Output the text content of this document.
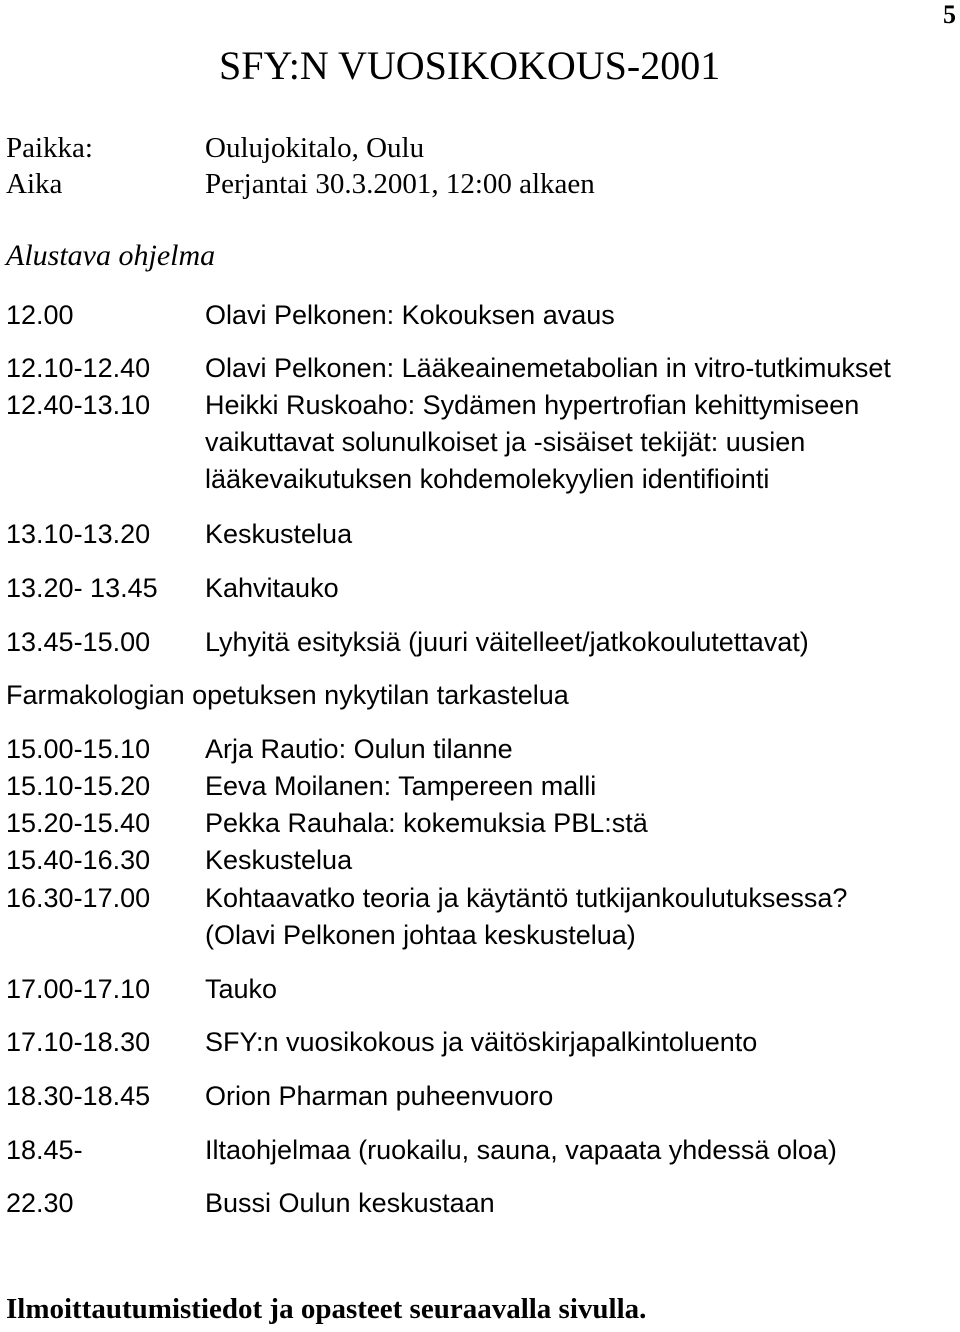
5
SFY:N VUOSIKOKOUS-2001
Paikka:	Oulujokitalo, Oulu
Aika	Perjantai 30.3.2001, 12:00 alkaen
Alustava ohjelma
12.00	Olavi Pelkonen: Kokouksen avaus
12.10-12.40 Olavi Pelkonen: Lääkeainemetabolian in vitro-tutkimukset
12.40-13.10 Heikki Ruskoaho: Sydämen hypertrofian kehittymiseen
vaikuttavat solunulkoiset ja -sisäiset tekijät: uusien
lääkevaikutuksen kohdemolekyylien identifiointi
13.10-13.20 Keskustelua
13.20- 13.45 Kahvitauko
13.45-15.00 Lyhyitä esityksiä (juuri väitelleet/jatkokoulutettavat)
Farmakologian opetuksen nykytilan tarkastelua
15.00-15.10 Arja Rautio: Oulun tilanne
15.10-15.20 Eeva Moilanen: Tampereen malli
15.20-15.40 Pekka Rauhala: kokemuksia PBL:stä
15.40-16.30 Keskustelua
16.30-17.00 Kohtaavatko teoria ja käytäntö tutkijankoulutuksessa?
(Olavi Pelkonen johtaa keskustelua)
17.00-17.10 Tauko
17.10-18.30 SFY:n vuosikokous ja väitöskirjapalkintoluento
18.30-18.45 Orion Pharman puheenvuoro
18.45-	Iltaohjelmaa (ruokailu, sauna, vapaata yhdessä oloa)
22.30	Bussi Oulun keskustaan
Ilmoittautumistiedot ja opasteet seuraavalla sivulla.
